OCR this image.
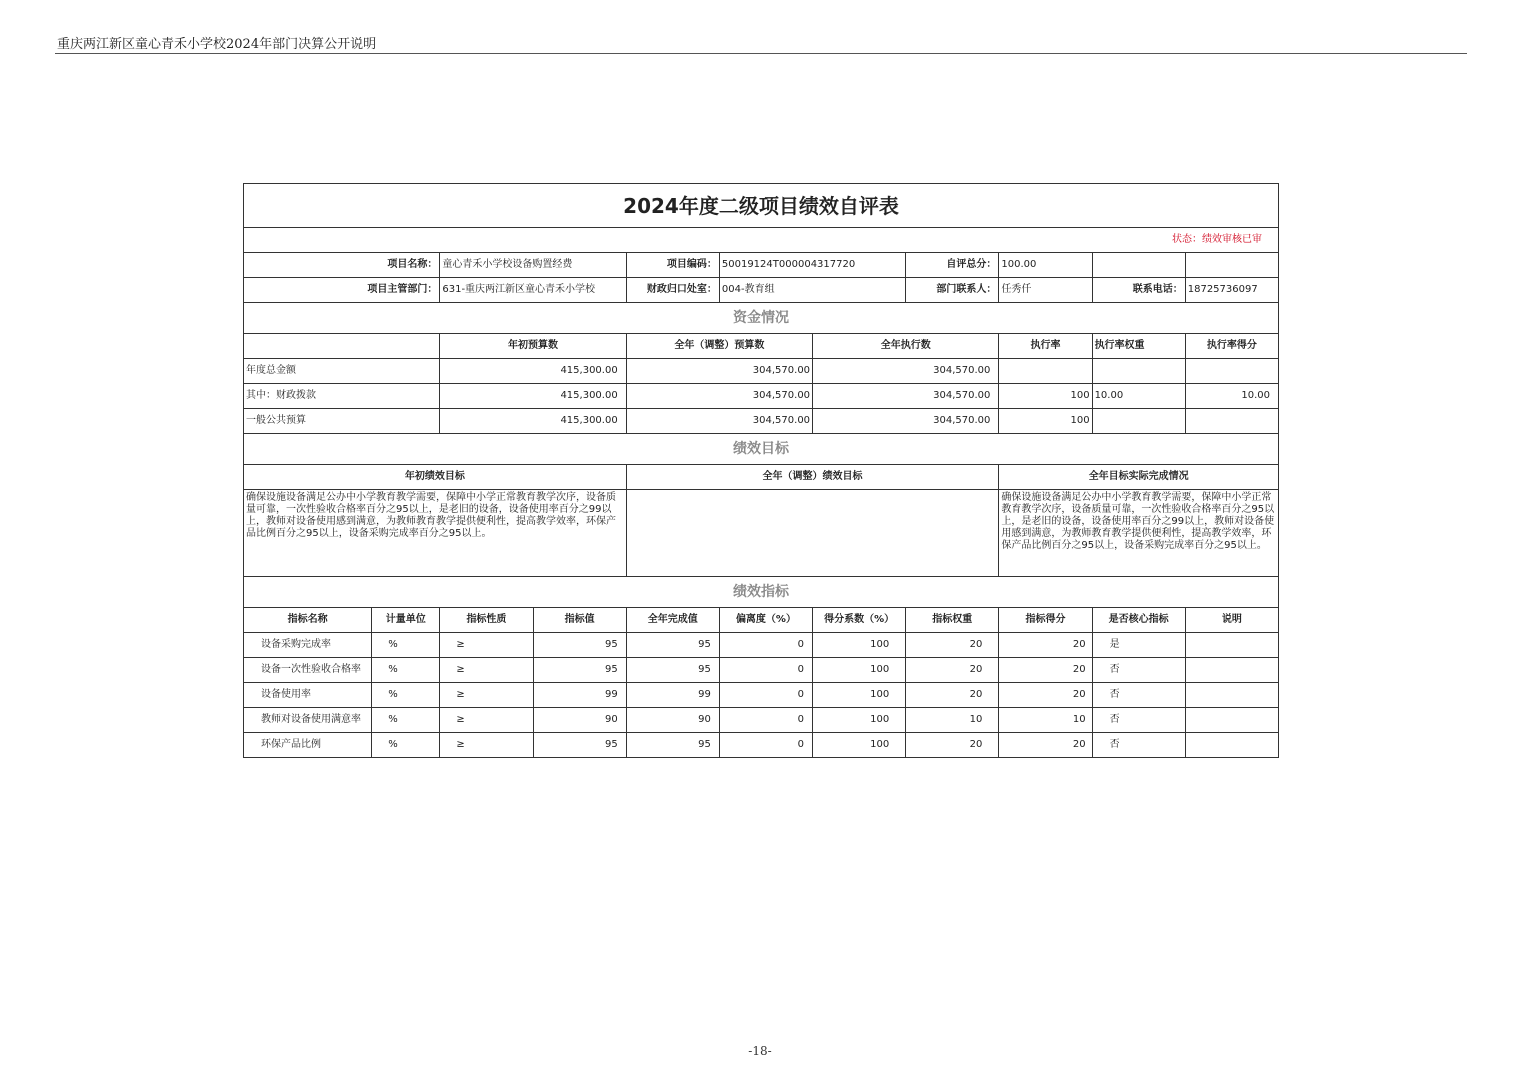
重庆两江新区童心青禾小学校2024年部门决算公开说明
2024年度二级项目绩效自评表										
状态：绩效审核已审										
项目名称：		童心青禾小学校设备购置经费		项目编码：	50019124T000004317720		自评总分：	100.00		
项目主管部门：		631-重庆两江新区童心青禾小学校		财政归口处室：	004-教育组		部门联系人：	任秀仟	联系电话：	18725736097
资金情况										
		年初预算数		全年（调整）预算数		全年执行数		执行率	执行率权重	执行率得分
年度总金额		415,300.00		304,570.00		304,570.00				
其中：财政拨款		415,300.00		304,570.00		304,570.00		100	10.00	10.00
一般公共预算		415,300.00		304,570.00		304,570.00		100		
绩效目标										
年初绩效目标				全年（调整）绩效目标				全年目标实际完成情况		
确保设施设备满足公办中小学教育教学需要，保障中小学正常教育教学次序，设备质量可靠，一次性验收合格率百分之95以上，是老旧的设备，设备使用率百分之99以上，教师对设备使用感到满意，为教师教育教学提供便利性，提高教学效率，环保产品比例百分之95以上，设备采购完成率百分之95以上。								确保设施设备满足公办中小学教育教学需要，保障中小学正常教育教学次序，设备质量可靠，一次性验收合格率百分之95以上，是老旧的设备，设备使用率百分之99以上，教师对设备使用感到满意，为教师教育教学提供便利性，提高教学效率，环保产品比例百分之95以上，设备采购完成率百分之95以上。		
绩效指标										
指标名称	计量单位	指标性质	指标值	全年完成值	偏离度（%）	得分系数（%）	指标权重	指标得分	是否核心指标	说明
设备采购完成率	%	≥	95	95	0	100	20	20	是	
设备一次性验收合格率	%	≥	95	95	0	100	20	20	否	
设备使用率	%	≥	99	99	0	100	20	20	否	
教师对设备使用满意率	%	≥	90	90	0	100	10	10	否	
环保产品比例	%	≥	95	95	0	100	20	20	否	
-18-
